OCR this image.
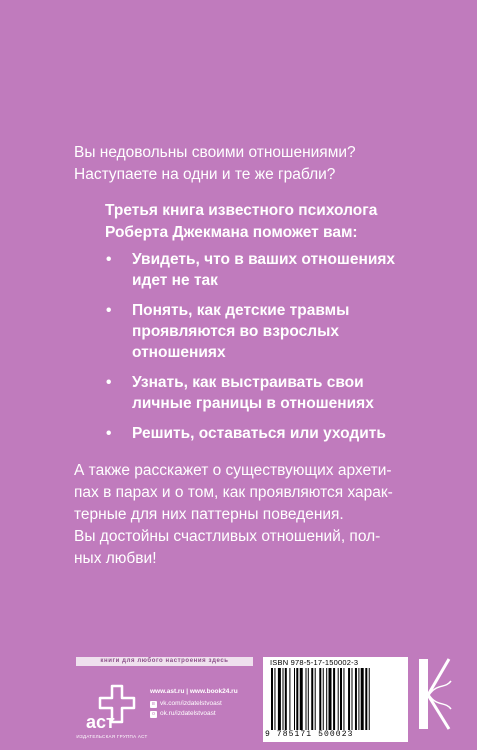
Вы недовольны своими отношениями?
Наступаете на одни и те же грабли?
Третья книга известного психолога
Роберта Джекмана поможет вам:
• Увидеть, что в ваших отношениях
идет не так
• Понять, как детские травмы
проявляются во взрослых
отношениях
• Узнать, как выстраивать свои
личные границы в отношениях
• Решить, оставаться или уходить

А также расскажет о существующих архети-

пах в парах и о том, как проявляются харак-

терные для них паттерны поведения.

Вы достойны счастливых отношений, пол-

ных любви!

книги для любого настроения здесь
аст
ИЗДАТЕЛЬСКАЯ ГРУППА АСТ
www.ast.ru | www.book24.ru
в vk.com/izdatelstvoast
о ok.ru/izdatelstvoast
ISBN 978-5-17-150002-3
9 785171 500023
